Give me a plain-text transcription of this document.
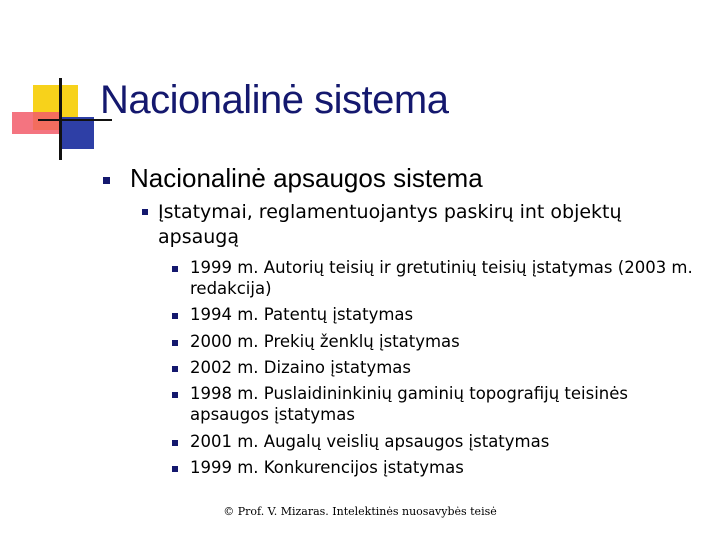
Nacionalinė sistema
Nacionalinė apsaugos sistema
Įstatymai, reglamentuojantys paskirų int objektų apsaugą
1999 m. Autorių teisių ir gretutinių teisių įstatymas (2003 m. redakcija)
1994 m. Patentų įstatymas
2000 m. Prekių ženklų įstatymas
2002 m. Dizaino įstatymas
1998 m. Puslaidininkinių gaminių topografijų teisinės apsaugos įstatymas
2001 m. Augalų veislių apsaugos įstatymas
1999 m. Konkurencijos įstatymas
© Prof. V. Mizaras. Intelektinės nuosavybės teisė
